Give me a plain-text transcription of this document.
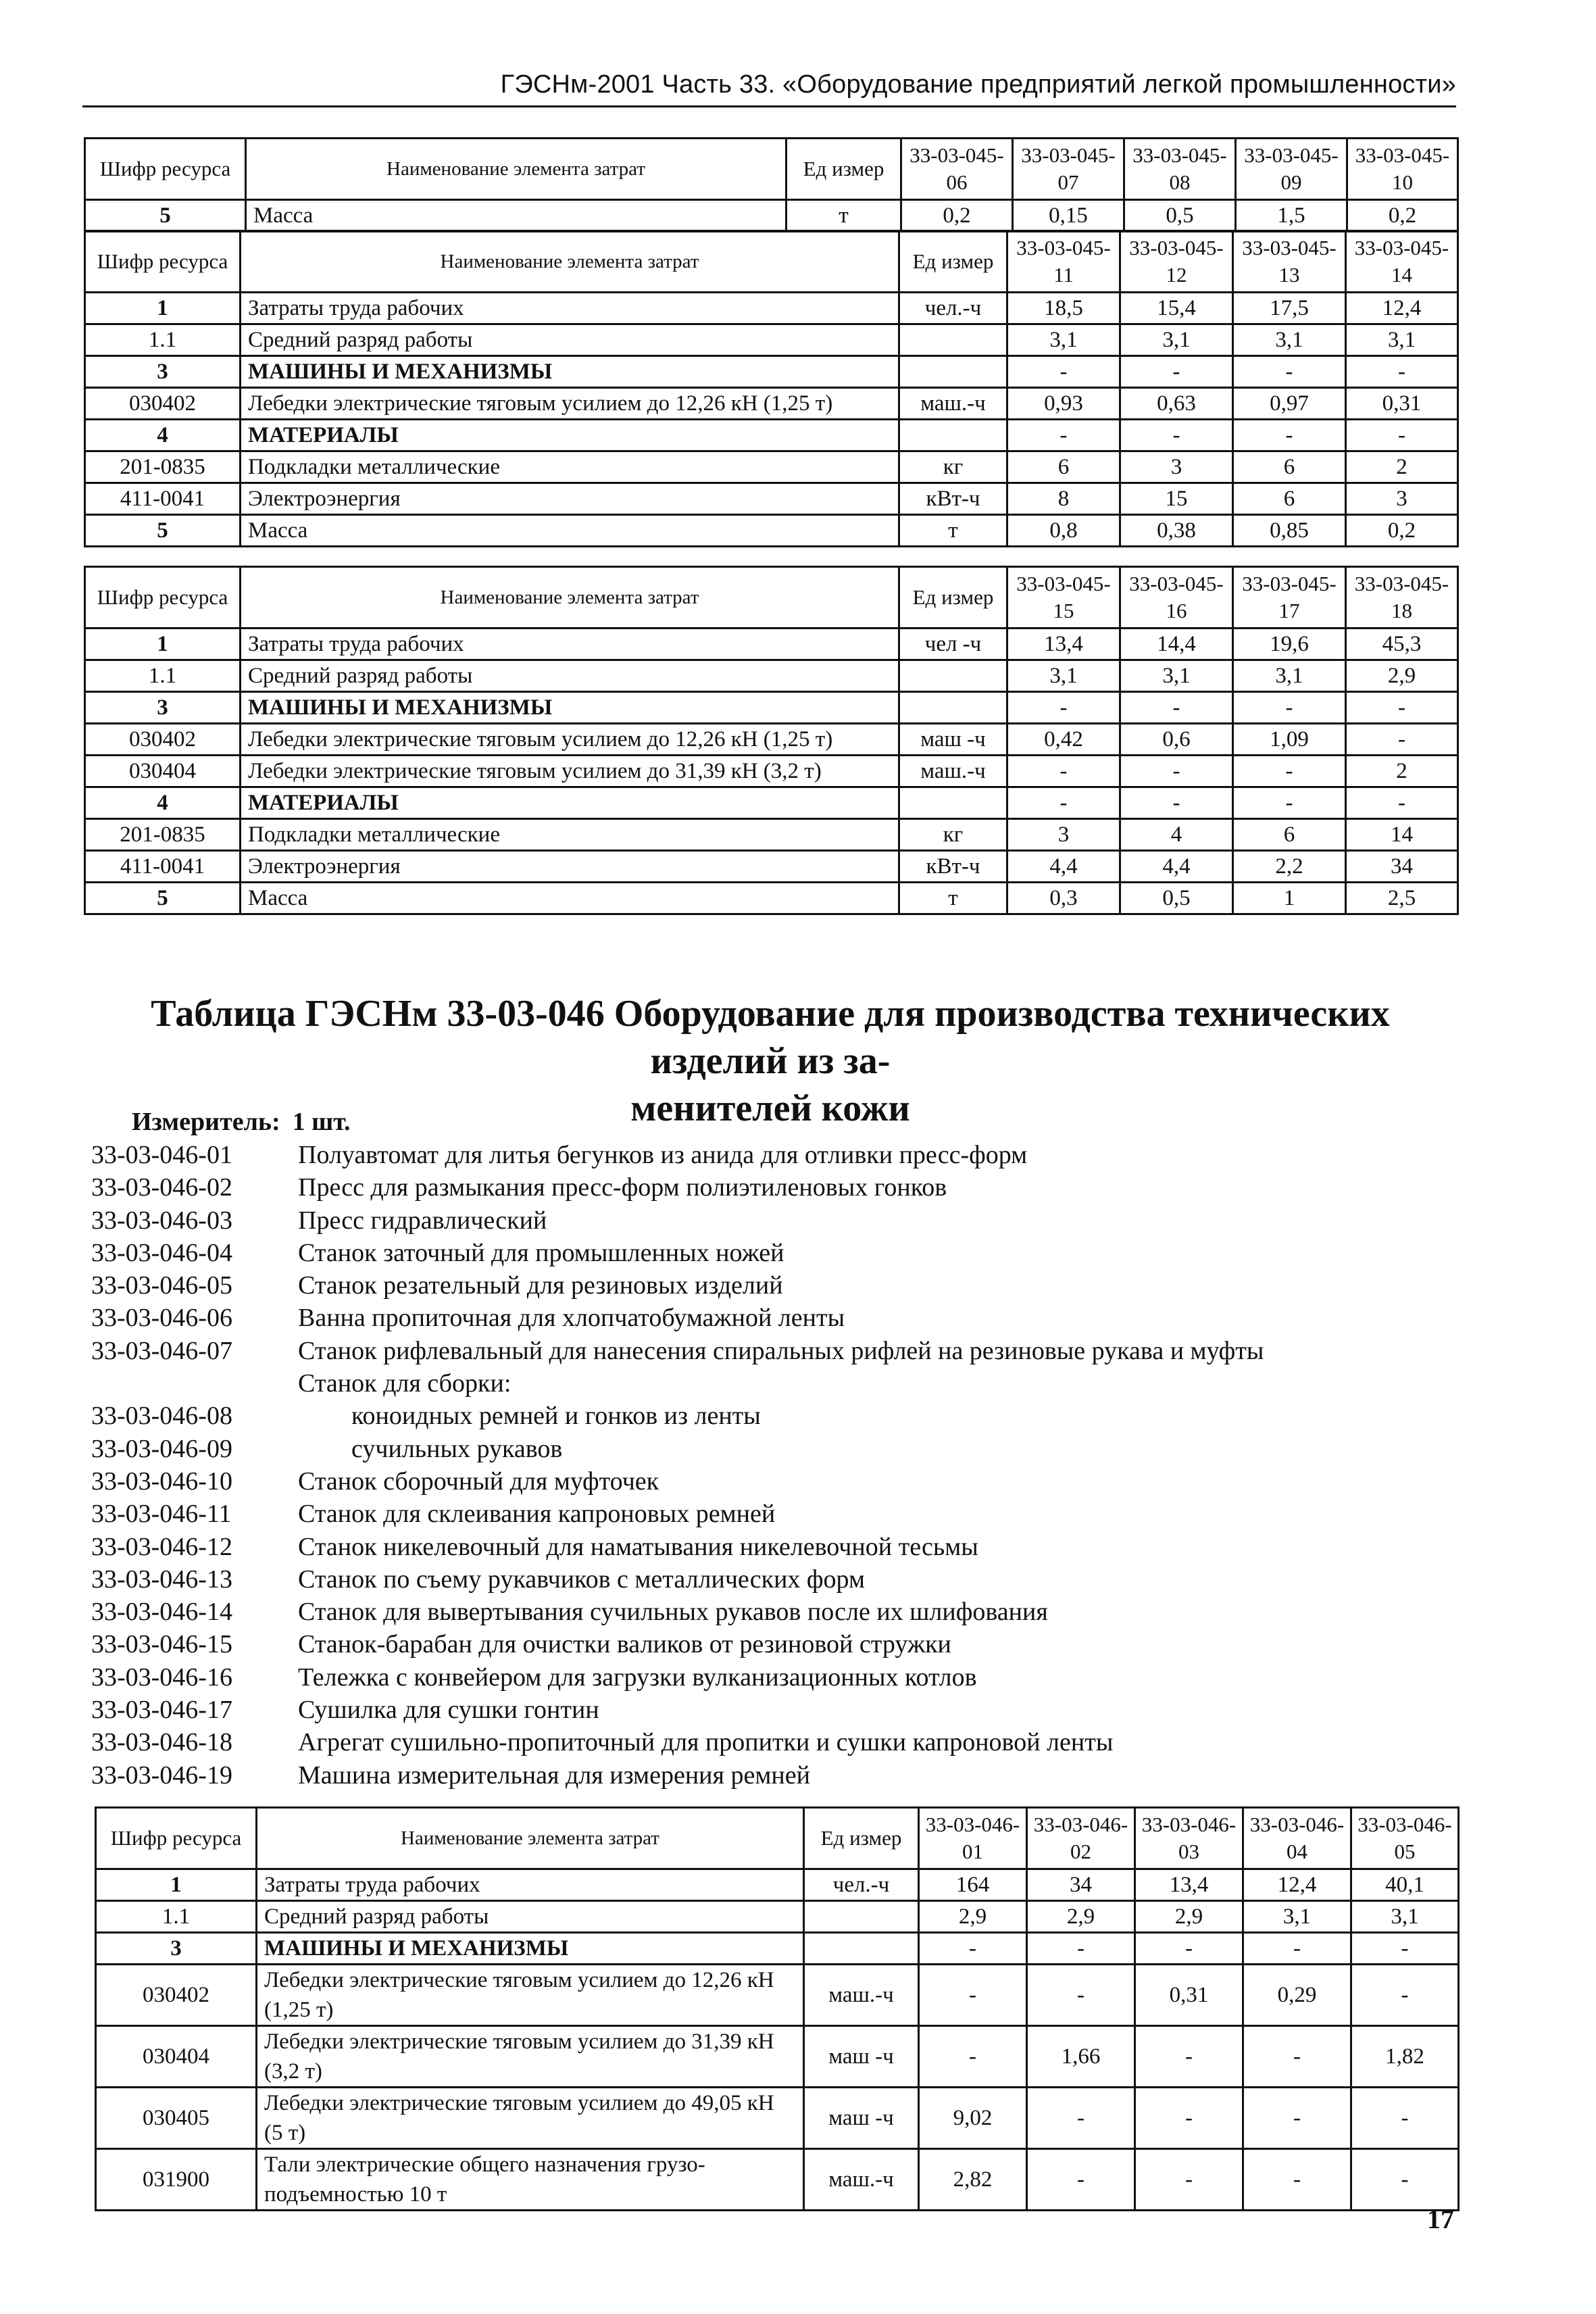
ГЭСНм-2001 Часть 33. «Оборудование предприятий легкой промышленности»
Шифр ресурса	Наименование элемента затрат	Ед измер	33-03-045-06	33-03-045-07	33-03-045-08	33-03-045-09	33-03-045-10
5	Масса	т	0,2	0,15	0,5	1,5	0,2
Шифр ресурса	Наименование элемента затрат	Ед измер	33-03-045-11	33-03-045-12	33-03-045-13	33-03-045-14
1	Затраты труда рабочих	чел.-ч	18,5	15,4	17,5	12,4
1.1	Средний разряд работы		3,1	3,1	3,1	3,1
3	МАШИНЫ И МЕХАНИЗМЫ		-	-	-	-
030402	Лебедки электрические тяговым усилием до 12,26 кН (1,25 т)	маш.-ч	0,93	0,63	0,97	0,31
4	МАТЕРИАЛЫ		-	-	-	-
201-0835	Подкладки металлические	кг	6	3	6	2
411-0041	Электроэнергия	кВт-ч	8	15	6	3
5	Масса	т	0,8	0,38	0,85	0,2
Шифр ресурса	Наименование элемента затрат	Ед измер	33-03-045-15	33-03-045-16	33-03-045-17	33-03-045-18
1	Затраты труда рабочих	чел -ч	13,4	14,4	19,6	45,3
1.1	Средний разряд работы		3,1	3,1	3,1	2,9
3	МАШИНЫ И МЕХАНИЗМЫ		-	-	-	-
030402	Лебедки электрические тяговым усилием до 12,26 кН (1,25 т)	маш -ч	0,42	0,6	1,09	-
030404	Лебедки электрические тяговым усилием до 31,39 кН (3,2 т)	маш.-ч	-	-	-	2
4	МАТЕРИАЛЫ		-	-	-	-
201-0835	Подкладки металлические	кг	3	4	6	14
411-0041	Электроэнергия	кВт-ч	4,4	4,4	2,2	34
5	Масса	т	0,3	0,5	1	2,5
Таблица ГЭСНм 33-03-046 Оборудование для производства технических изделий из за-
менителей кожи
Измеритель: 1 шт.
33-03-046-01	Полуавтомат для литья бегунков из анида для отливки пресс-форм
33-03-046-02	Пресс для размыкания пресс-форм полиэтиленовых гонков
33-03-046-03	Пресс гидравлический
33-03-046-04	Станок заточный для промышленных ножей
33-03-046-05	Станок резательный для резиновых изделий
33-03-046-06	Ванна пропиточная для хлопчатобумажной ленты
33-03-046-07	Станок рифлевальный для нанесения спиральных рифлей на резиновые рукава и муфты
Станок для сборки:
33-03-046-08	коноидных ремней и гонков из ленты
33-03-046-09	сучильных рукавов
33-03-046-10	Станок сборочный для муфточек
33-03-046-11	Станок для склеивания капроновых ремней
33-03-046-12	Станок никелевочный для наматывания никелевочной тесьмы
33-03-046-13	Станок по съему рукавчиков с металлических форм
33-03-046-14	Станок для вывертывания сучильных рукавов после их шлифования
33-03-046-15	Станок-барабан для очистки валиков от резиновой стружки
33-03-046-16	Тележка с конвейером для загрузки вулканизационных котлов
33-03-046-17	Сушилка для сушки гонтин
33-03-046-18	Агрегат сушильно-пропиточный для пропитки и сушки капроновой ленты
33-03-046-19	Машина измерительная для измерения ремней
Шифр ресурса	Наименование элемента затрат	Ед измер	33-03-046-01	33-03-046-02	33-03-046-03	33-03-046-04	33-03-046-05
1	Затраты труда рабочих	чел.-ч	164	34	13,4	12,4	40,1
1.1	Средний разряд работы		2,9	2,9	2,9	3,1	3,1
3	МАШИНЫ И МЕХАНИЗМЫ		-	-	-	-	-
030402	Лебедки электрические тяговым усилием до 12,26 кН (1,25 т)	маш.-ч	-	-	0,31	0,29	-
030404	Лебедки электрические тяговым усилием до 31,39 кН (3,2 т)	маш -ч	-	1,66	-	-	1,82
030405	Лебедки электрические тяговым усилием до 49,05 кН (5 т)	маш -ч	9,02	-	-	-	-
031900	Тали электрические общего назначения грузо-подъемностью 10 т	маш.-ч	2,82	-	-	-	-
17
